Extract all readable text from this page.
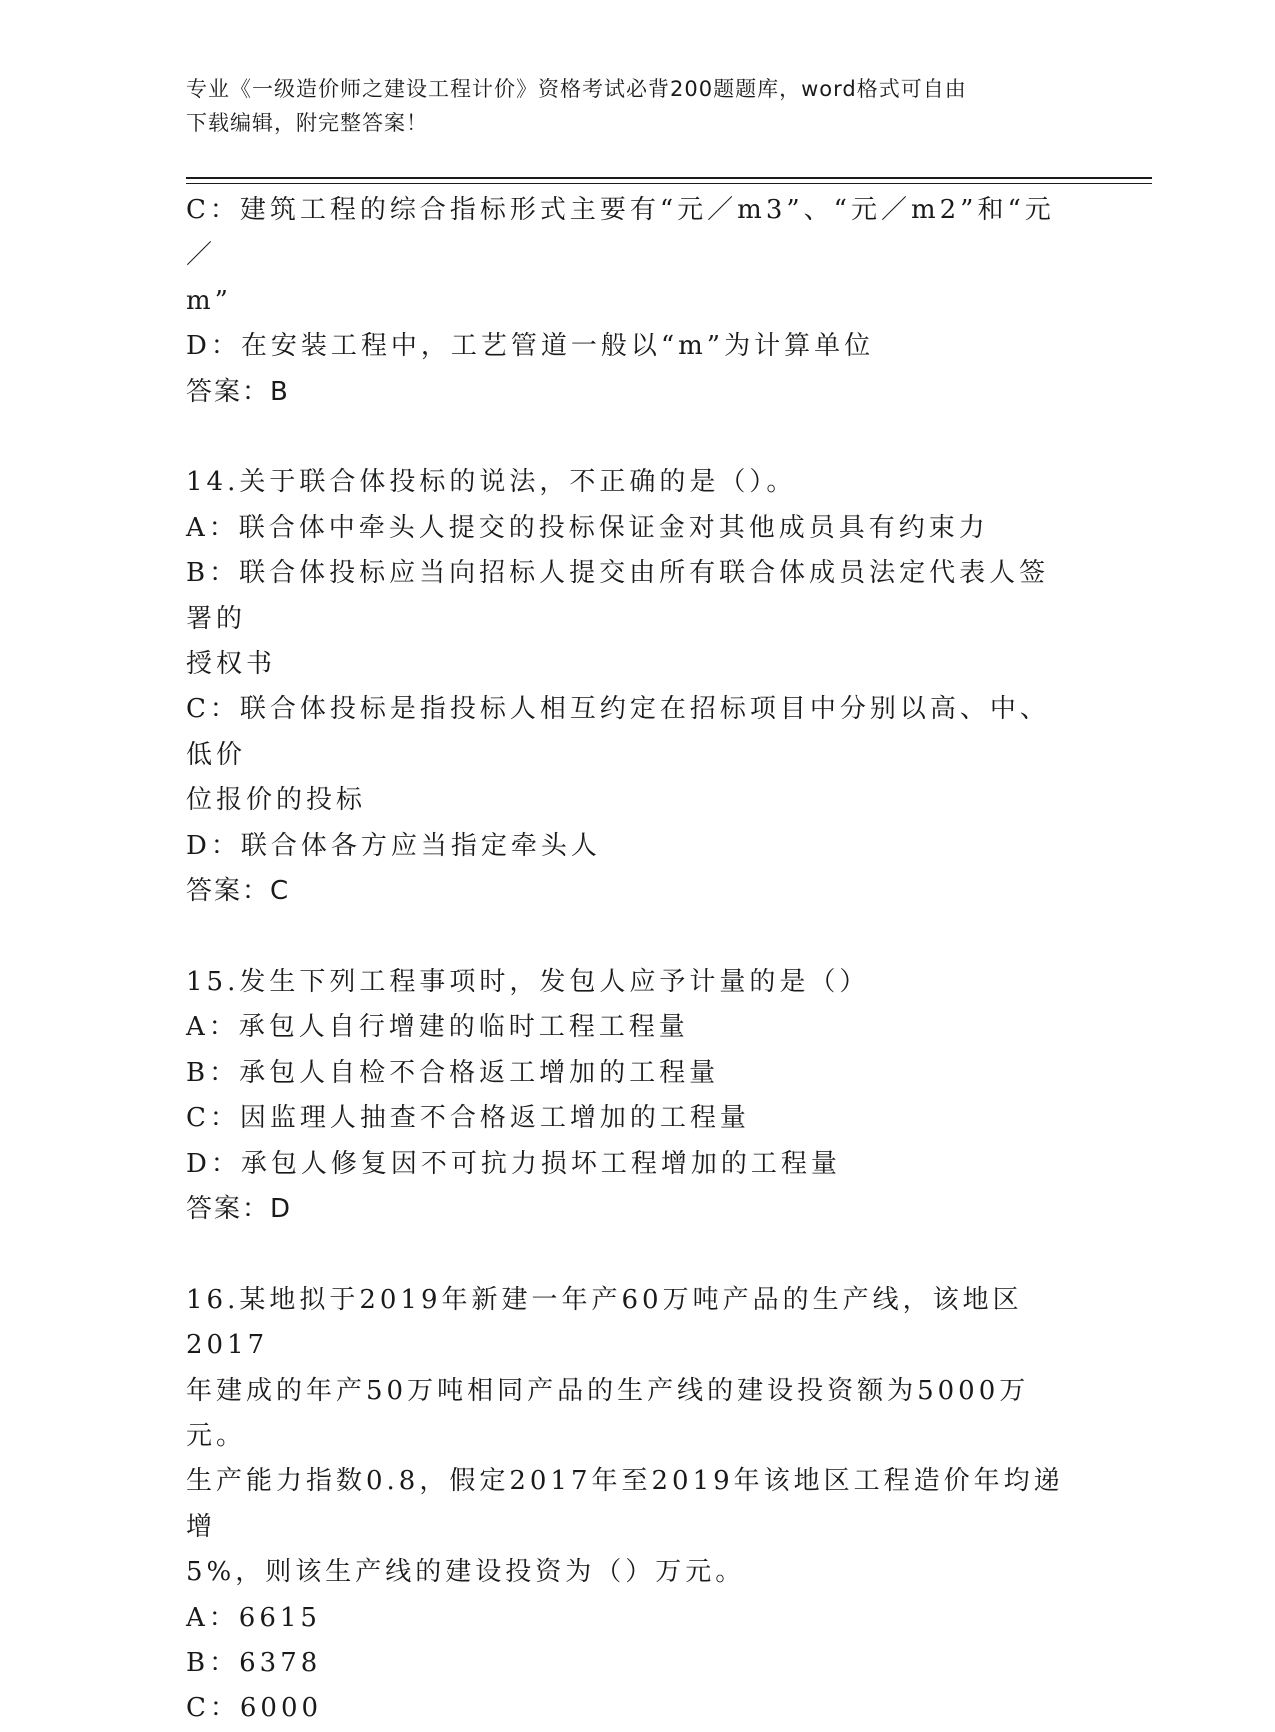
专业《一级造价师之建设工程计价》资格考试必背200题题库，word格式可自由
下载编辑，附完整答案！

C：建筑工程的综合指标形式主要有“元／m3”、“元／m2”和“元／

m”

D：在安装工程中，工艺管道一般以“m”为计算单位

答案：B

14.关于联合体投标的说法，不正确的是（）。

A：联合体中牵头人提交的投标保证金对其他成员具有约束力

B：联合体投标应当向招标人提交由所有联合体成员法定代表人签署的

授权书

C：联合体投标是指投标人相互约定在招标项目中分别以高、中、低价

位报价的投标

D：联合体各方应当指定牵头人

答案：C

15.发生下列工程事项时，发包人应予计量的是（）

A：承包人自行增建的临时工程工程量

B：承包人自检不合格返工增加的工程量

C：因监理人抽查不合格返工增加的工程量

D：承包人修复因不可抗力损坏工程增加的工程量

答案：D

16.某地拟于2019年新建一年产60万吨产品的生产线，该地区2017

年建成的年产50万吨相同产品的生产线的建设投资额为5000万元。

生产能力指数0.8，假定2017年至2019年该地区工程造价年均递增

5%，则该生产线的建设投资为（）万元。

A：6615

B：6378

C：6000
